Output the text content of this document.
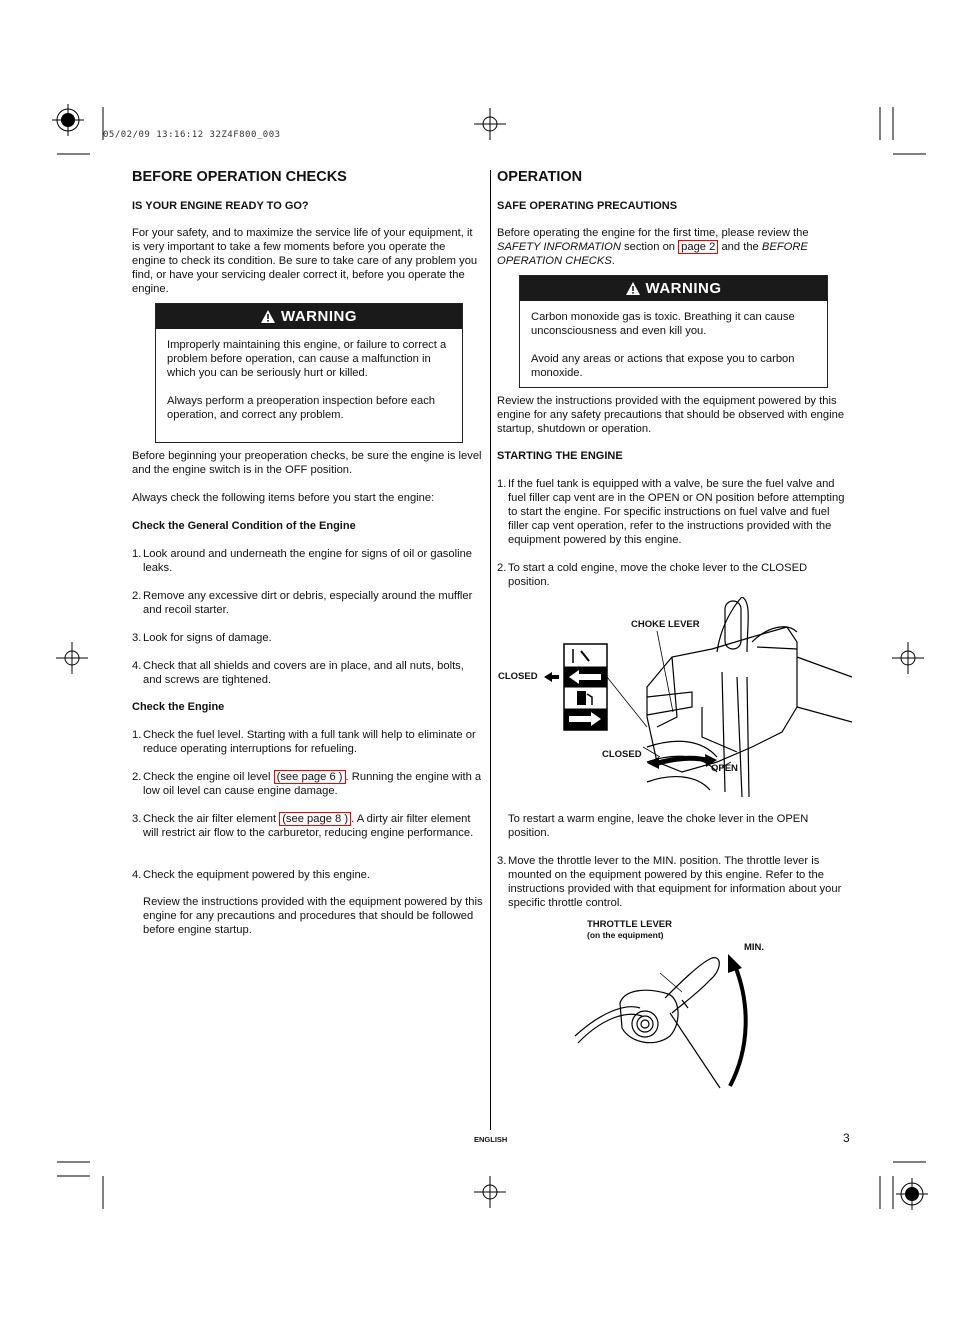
05/02/09 13:16:12 32Z4F800_003
BEFORE OPERATION CHECKS
IS YOUR ENGINE READY TO GO?
For your safety, and to maximize the service life of your equipment, it is very important to take a few moments before you operate the engine to check its condition. Be sure to take care of any problem you find, or have your servicing dealer correct it, before you operate the engine.
WARNING
Improperly maintaining this engine, or failure to correct a problem before operation, can cause a malfunction in which you can be seriously hurt or killed.
Always perform a preoperation inspection before each operation, and correct any problem.
Before beginning your preoperation checks, be sure the engine is level and the engine switch is in the OFF position.
Always check the following items before you start the engine:
Check the General Condition of the Engine
1. Look around and underneath the engine for signs of oil or gasoline leaks.
2. Remove any excessive dirt or debris, especially around the muffler and recoil starter.
3. Look for signs of damage.
4. Check that all shields and covers are in place, and all nuts, bolts, and screws are tightened.
Check the Engine
1. Check the fuel level. Starting with a full tank will help to eliminate or reduce operating interruptions for refueling.
2. Check the engine oil level (see page 6 ) . Running the engine with a low oil level can cause engine damage.
3. Check the air filter element (see page 8 ) . A dirty air filter element will restrict air flow to the carburetor, reducing engine performance.
4. Check the equipment powered by this engine.
Review the instructions provided with the equipment powered by this engine for any precautions and procedures that should be followed before engine startup.
OPERATION
SAFE OPERATING PRECAUTIONS
Before operating the engine for the first time, please review the SAFETY INFORMATION section on page 2 and the BEFORE OPERATION CHECKS.
WARNING
Carbon monoxide gas is toxic. Breathing it can cause unconsciousness and even kill you.
Avoid any areas or actions that expose you to carbon monoxide.
Review the instructions provided with the equipment powered by this engine for any safety precautions that should be observed with engine startup, shutdown or operation.
STARTING THE ENGINE
1. If the fuel tank is equipped with a valve, be sure the fuel valve and fuel filler cap vent are in the OPEN or ON position before attempting to start the engine. For specific instructions on fuel valve and fuel filler cap vent operation, refer to the instructions provided with the equipment powered by this engine.
2. To start a cold engine, move the choke lever to the CLOSED position.
CHOKE LEVER
CLOSED
CLOSED
OPEN
To restart a warm engine, leave the choke lever in the OPEN position.
3. Move the throttle lever to the MIN. position. The throttle lever is mounted on the equipment powered by this engine. Refer to the instructions provided with that equipment for information about your specific throttle control.
THROTTLE LEVER
(on the equipment)
MIN.
ENGLISH	3
